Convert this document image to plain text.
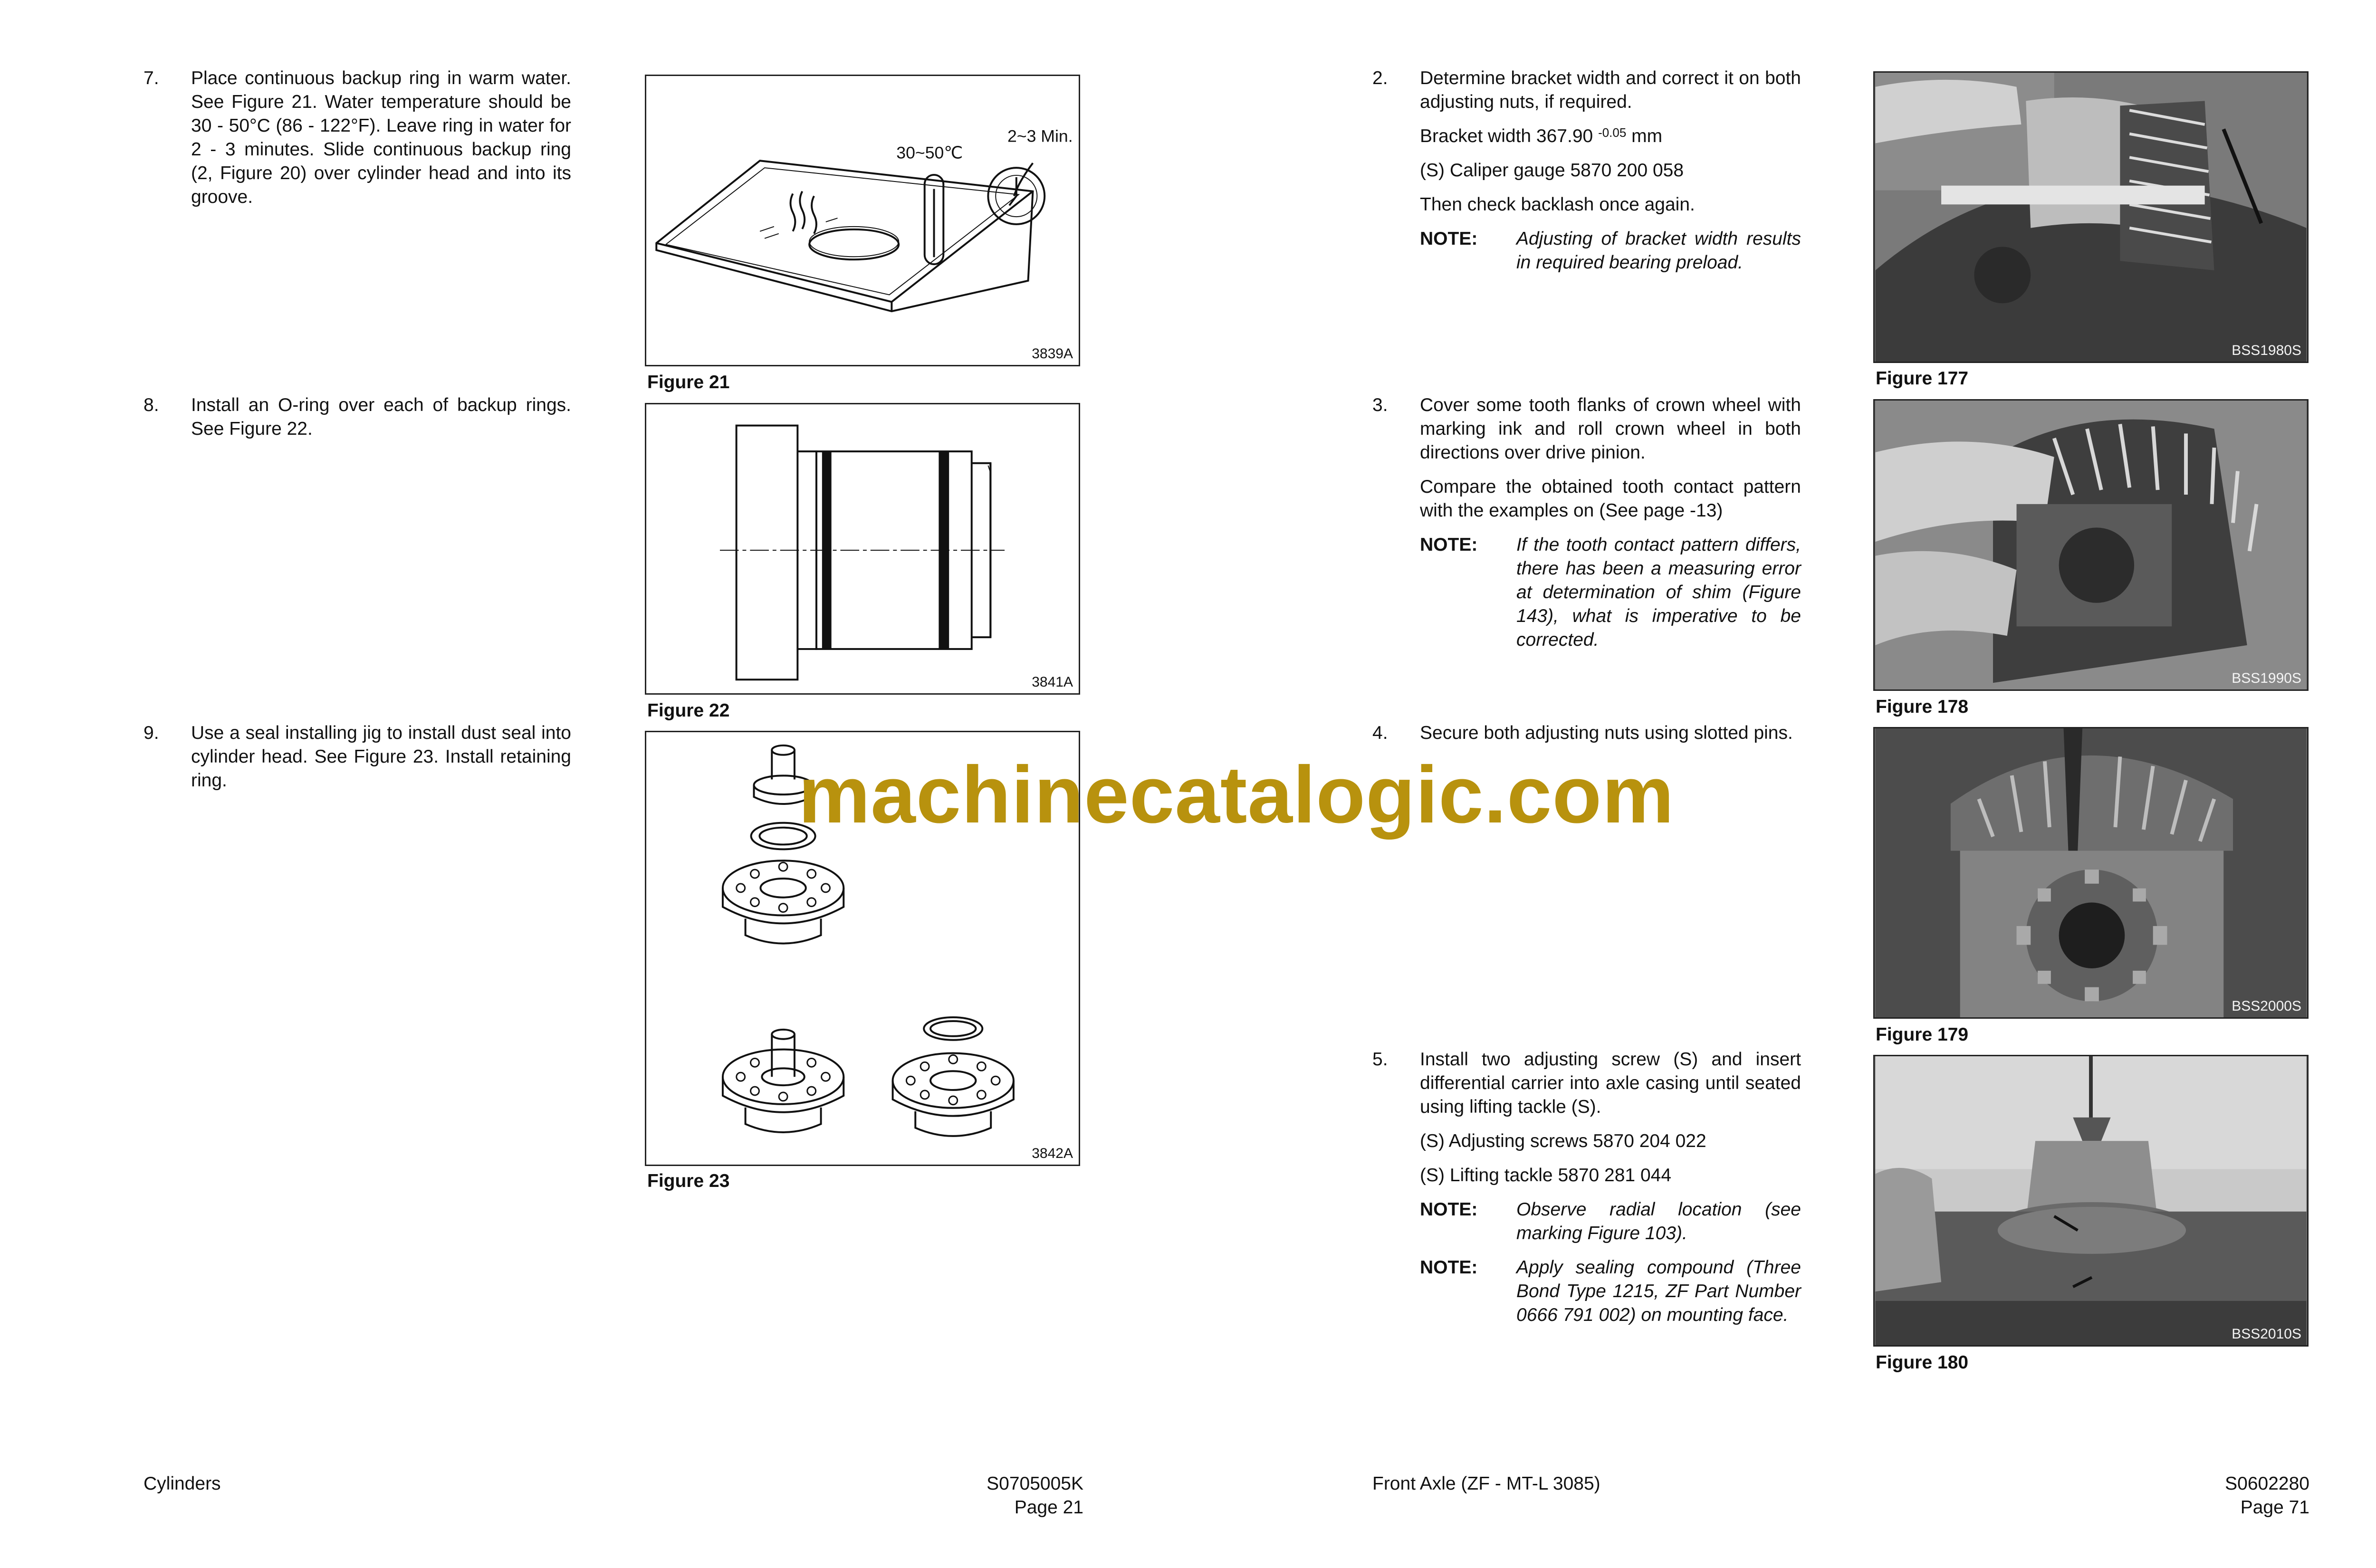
7. Place continuous backup ring in warm water. See Figure 21. Water temperature should be 30 - 50°C (86 - 122°F). Leave ring in water for 2 - 3 minutes. Slide continuous backup ring (2, Figure 20) over cylinder head and into its groove.

8. Install an O-ring over each of backup rings. See Figure 22.

9. Use a seal installing jig to install dust seal into cylinder head. See Figure 23. Install retaining ring.

30~50℃
2~3 Min.
3839A
Figure 21
3841A
Figure 22
3842A
Figure 23
Cylinders	S0705005K
Page 21
2. Determine bracket width and correct it on both adjusting nuts, if required.

Bracket width 367.90 $^{-0.05}$ mm

(S) Caliper gauge 5870 200 058

Then check backlash once again.

NOTE: Adjusting of bracket width results in required bearing preload.
3. Cover some tooth flanks of crown wheel with marking ink and roll crown wheel in both directions over drive pinion.

Compare the obtained tooth contact pattern with the examples on (See page -13)

NOTE: If the tooth contact pattern differs, there has been a measuring error at determination of shim (Figure 143), what is imperative to be corrected.
4. Secure both adjusting nuts using slotted pins.

5. Install two adjusting screw (S) and insert differential carrier into axle casing until seated using lifting tackle (S).

(S) Adjusting screws 5870 204 022

(S) Lifting tackle 5870 281 044

NOTE: Observe radial location (see marking Figure 103).
NOTE: Apply sealing compound (Three Bond Type 1215, ZF Part Number 0666 791 002) on mounting face.
BSS1980S
Figure 177
BSS1990S
Figure 178
BSS2000S
Figure 179
BSS2010S
Figure 180
Front Axle (ZF - MT-L 3085)	S0602280
Page 71
machinecatalogic.com
